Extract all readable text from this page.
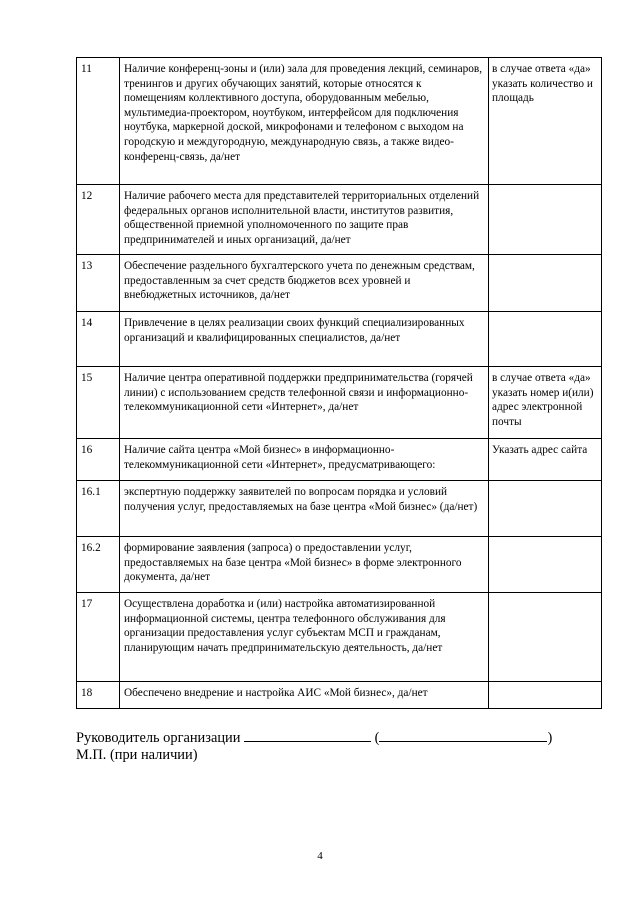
11	Наличие конференц-зоны и (или) зала для проведения лекций, семинаров, тренингов и других обучающих занятий, которые относятся к помещениям коллективного доступа, оборудованным мебелью, мультимедиа-проектором, ноутбуком, интерфейсом для подключения ноутбука, маркерной доской, микрофонами и телефоном с выходом на городскую и междугородную, международную связь, а также видео-конференц-связь, да/нет	в случае ответа «да» указать количество и площадь
12	Наличие рабочего места для представителей территориальных отделений федеральных органов исполнительной власти, институтов развития, общественной приемной уполномоченного по защите прав предпринимателей и иных организаций, да/нет	
13	Обеспечение раздельного бухгалтерского учета по денежным средствам, предоставленным за счет средств бюджетов всех уровней и внебюджетных источников, да/нет	
14	Привлечение в целях реализации своих функций специализированных организаций и квалифицированных специалистов, да/нет	
15	Наличие центра оперативной поддержки предпринимательства (горячей линии) с использованием средств телефонной связи и информационно-телекоммуникационной сети «Интернет», да/нет	в случае ответа «да» указать номер и(или) адрес электронной почты
16	Наличие сайта центра «Мой бизнес» в информационно-телекоммуникационной сети «Интернет», предусматривающего:	Указать адрес сайта
16.1	экспертную поддержку заявителей по вопросам порядка и условий получения услуг, предоставляемых на базе центра «Мой бизнес» (да/нет)	
16.2	формирование заявления (запроса) о предоставлении услуг, предоставляемых на базе центра «Мой бизнес» в форме электронного документа, да/нет	
17	Осуществлена доработка и (или) настройка автоматизированной информационной системы, центра телефонного обслуживания для организации предоставления услуг субъектам МСП и гражданам, планирующим начать предпринимательскую деятельность, да/нет	
18	Обеспечено внедрение и настройка АИС «Мой бизнес», да/нет	
Руководитель организации	(	)
М.П. (при наличии)
4
